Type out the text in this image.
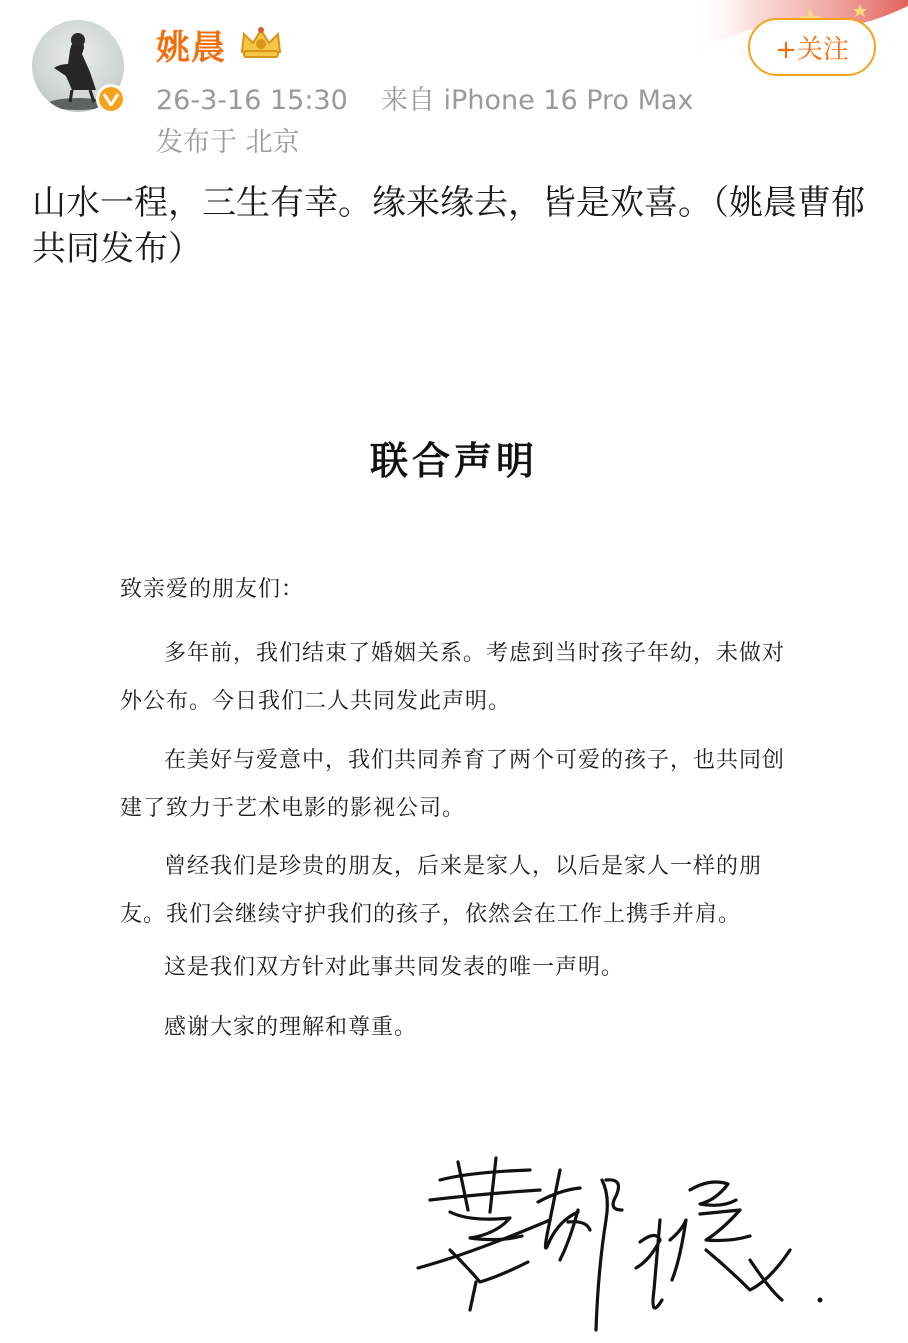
姚晨	+关注
26-3-16 15:30 来自 iPhone 16 Pro Max
发布于 北京
山水一程，三生有幸。缘来缘去，皆是欢喜。（姚晨曹郁共同发布）
联合声明
致亲爱的朋友们：
多年前，我们结束了婚姻关系。考虑到当时孩子年幼，未做对外公布。今日我们二人共同发此声明。
在美好与爱意中，我们共同养育了两个可爱的孩子，也共同创建了致力于艺术电影的影视公司。
曾经我们是珍贵的朋友，后来是家人，以后是家人一样的朋友。我们会继续守护我们的孩子，依然会在工作上携手并肩。
这是我们双方针对此事共同发表的唯一声明。
感谢大家的理解和尊重。
